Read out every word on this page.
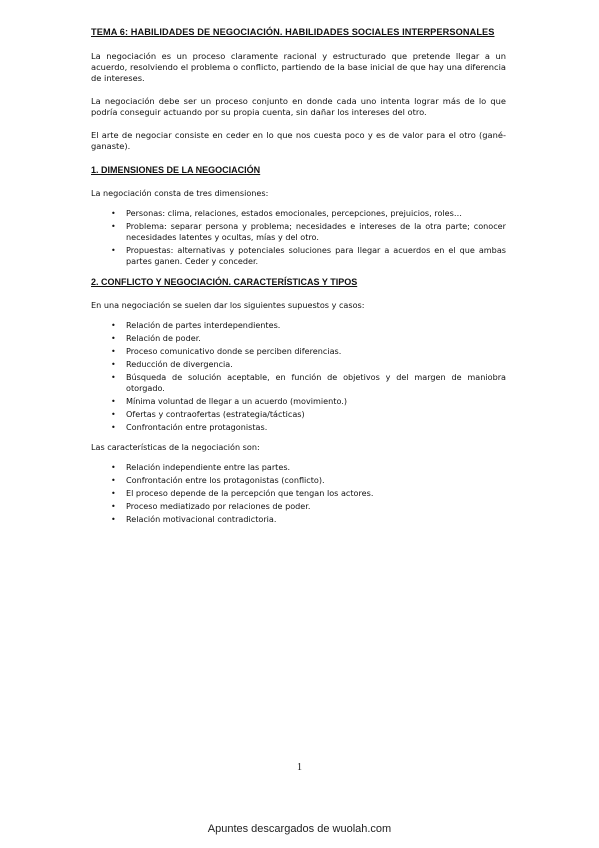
TEMA 6: HABILIDADES DE NEGOCIACIÓN. HABILIDADES SOCIALES INTERPERSONALES

La negociación es un proceso claramente racional y estructurado que pretende llegar a un acuerdo, resolviendo el problema o conflicto, partiendo de la base inicial de que hay una diferencia de intereses.

La negociación debe ser un proceso conjunto en donde cada uno intenta lograr más de lo que podría conseguir actuando por su propia cuenta, sin dañar los intereses del otro.

El arte de negociar consiste en ceder en lo que nos cuesta poco y es de valor para el otro (gané-ganaste).

1. DIMENSIONES DE LA NEGOCIACIÓN

La negociación consta de tres dimensiones:

• Personas: clima, relaciones, estados emocionales, percepciones, prejuicios, roles…
• Problema: separar persona y problema; necesidades e intereses de la otra parte; conocer necesidades latentes y ocultas, mías y del otro.
• Propuestas: alternativas y potenciales soluciones para llegar a acuerdos en el que ambas partes ganen. Ceder y conceder.
2. CONFLICTO Y NEGOCIACIÓN. CARACTERÍSTICAS Y TIPOS

En una negociación se suelen dar los siguientes supuestos y casos:

• Relación de partes interdependientes.
• Relación de poder.
• Proceso comunicativo donde se perciben diferencias.
• Reducción de divergencia.
• Búsqueda de solución aceptable, en función de objetivos y del margen de maniobra otorgado.
• Mínima voluntad de llegar a un acuerdo (movimiento.)
• Ofertas y contraofertas (estrategia/tácticas)
• Confrontación entre protagonistas.

Las características de la negociación son:

• Relación independiente entre las partes.
• Confrontación entre los protagonistas (conflicto).
• El proceso depende de la percepción que tengan los actores.
• Proceso mediatizado por relaciones de poder.
• Relación motivacional contradictoria.
1
Apuntes descargados de wuolah.com
